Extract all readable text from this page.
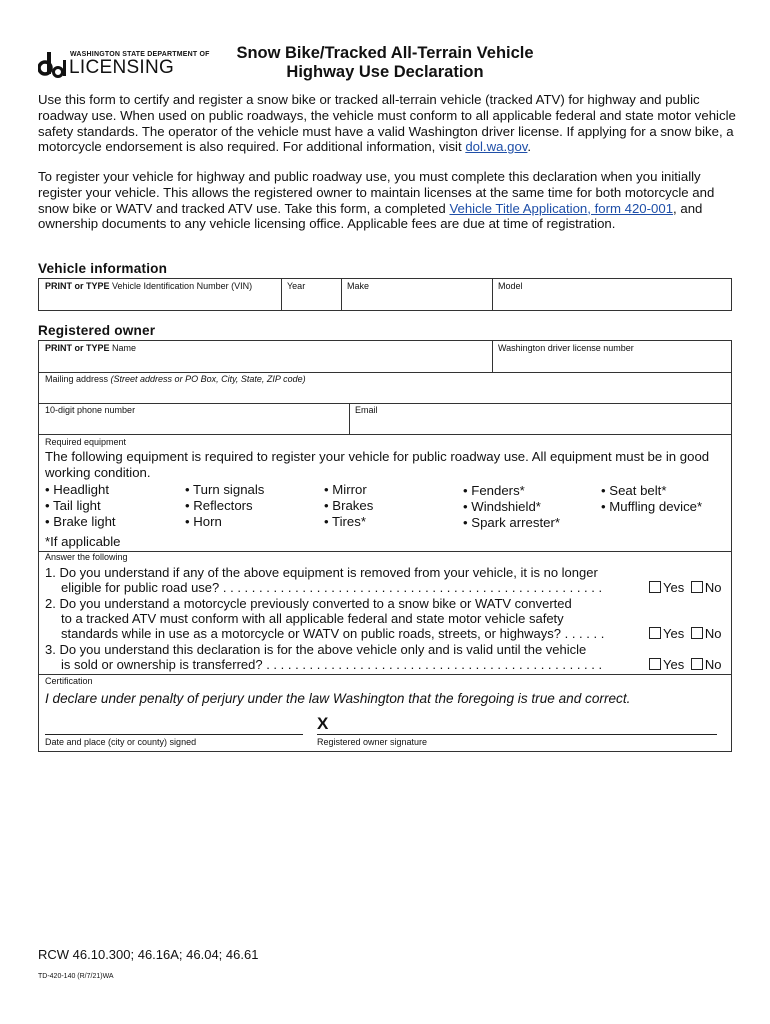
WASHINGTON STATE DEPARTMENT OF
LICENSING
Snow Bike/Tracked All-Terrain Vehicle
Highway Use Declaration
Use this form to certify and register a snow bike or tracked all-terrain vehicle (tracked ATV) for highway and public roadway use. When used on public roadways, the vehicle must conform to all applicable federal and state motor vehicle safety standards. The operator of the vehicle must have a valid Washington driver license. If applying for a snow bike, a motorcycle endorsement is also required. For additional information, visit dol.wa.gov.
To register your vehicle for highway and public roadway use, you must complete this declaration when you initially register your vehicle. This allows the registered owner to maintain licenses at the same time for both motorcycle and snow bike or WATV and tracked ATV use. Take this form, a completed Vehicle Title Application, form 420-001, and ownership documents to any vehicle licensing office. Applicable fees are due at time of registration.
Vehicle information
PRINT or TYPE Vehicle Identification Number (VIN)	Year	Make	Model
Registered owner
PRINT or TYPE Name	Washington driver license number
Mailing address (Street address or PO Box, City, State, ZIP code)
10-digit phone number	Email
Required equipment
The following equipment is required to register your vehicle for public roadway use. All equipment must be in good working condition.
• Headlight
• Tail light
• Brake light
• Turn signals
• Reflectors
• Horn
• Mirror
• Brakes
• Tires*
• Fenders*
• Windshield*
• Spark arrester*
• Seat belt*
• Muffling device*
*If applicable
Answer the following
1. Do you understand if any of the above equipment is removed from your vehicle, it is no longer
eligible for public road use? . . . . . . . . . . . . . . . . . . . . . . . . . . . . . . . . . . . . . . . . . . . . . . . . . . . . .	Yes No
2. Do you understand a motorcycle previously converted to a snow bike or WATV converted
to a tracked ATV must conform with all applicable federal and state motor vehicle safety
standards while in use as a motorcycle or WATV on public roads, streets, or highways? . . . . . .	Yes No
3. Do you understand this declaration is for the above vehicle only and is valid until the vehicle
is sold or ownership is transferred? . . . . . . . . . . . . . . . . . . . . . . . . . . . . . . . . . . . . . . . . . . . . . . .	Yes No
Certification
I declare under penalty of perjury under the law Washington that the foregoing is true and correct.
X
Date and place (city or county) signed	Registered owner signature
RCW 46.10.300; 46.16A; 46.04; 46.61
TD-420-140 (R/7/21)WA
